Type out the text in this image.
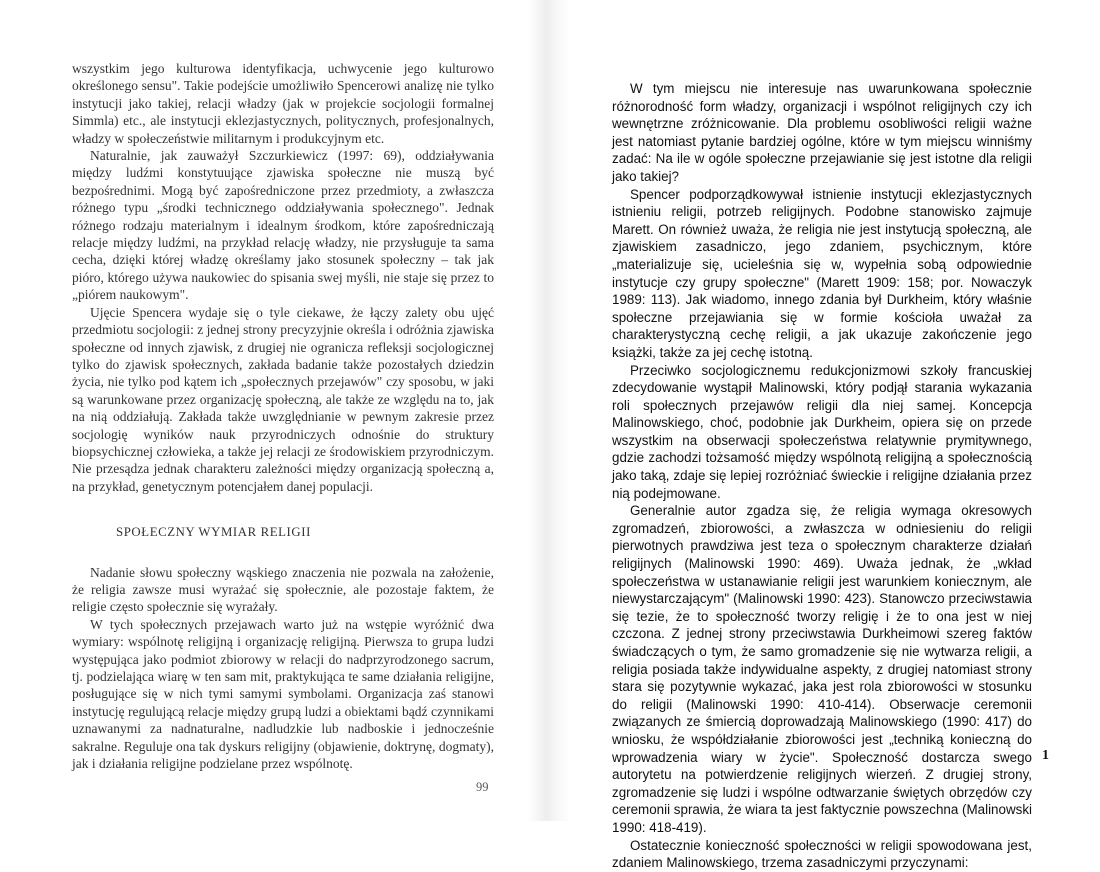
wszystkim jego kulturowa identyfikacja, uchwycenie jego kulturowo określonego sensu". Takie podejście umożliwiło Spencerowi analizę nie tylko instytucji jako takiej, relacji władzy (jak w projekcie socjologii formalnej Simmla) etc., ale instytucji eklezjastycznych, politycznych, profesjonalnych, władzy w społeczeństwie militarnym i produkcyjnym etc.

Naturalnie, jak zauważył Szczurkiewicz (1997: 69), oddziaływania między ludźmi konstytuujące zjawiska społeczne nie muszą być bezpośrednimi. Mogą być zapośredniczone przez przedmioty, a zwłaszcza różnego typu „środki technicznego oddziaływania społecznego". Jednak różnego rodzaju materialnym i idealnym środkom, które zapośredniczają relacje między ludźmi, na przykład relację władzy, nie przysługuje ta sama cecha, dzięki której władzę określamy jako stosunek społeczny – tak jak pióro, którego używa naukowiec do spisania swej myśli, nie staje się przez to „piórem naukowym".

Ujęcie Spencera wydaje się o tyle ciekawe, że łączy zalety obu ujęć przedmiotu socjologii: z jednej strony precyzyjnie określa i odróżnia zjawiska społeczne od innych zjawisk, z drugiej nie ogranicza refleksji socjologicznej tylko do zjawisk społecznych, zakłada badanie także pozostałych dziedzin życia, nie tylko pod kątem ich „społecznych przejawów" czy sposobu, w jaki są warunkowane przez organizację społeczną, ale także ze względu na to, jak na nią oddziałują. Zakłada także uwzględnianie w pewnym zakresie przez socjologię wyników nauk przyrodniczych odnośnie do struktury biopsychicznej człowieka, a także jej relacji ze środowiskiem przyrodniczym. Nie przesądza jednak charakteru zależności między organizacją społeczną a, na przykład, genetycznym potencjałem danej populacji.

SPOŁECZNY WYMIAR RELIGII

Nadanie słowu społeczny wąskiego znaczenia nie pozwala na założenie, że religia zawsze musi wyrażać się społecznie, ale pozostaje faktem, że religie często społecznie się wyrażały.

W tych społecznych przejawach warto już na wstępie wyróżnić dwa wymiary: wspólnotę religijną i organizację religijną. Pierwsza to grupa ludzi występująca jako podmiot zbiorowy w relacji do nadprzyrodzonego sacrum, tj. podzielająca wiarę w ten sam mit, praktykująca te same działania religijne, posługujące się w nich tymi samymi symbolami. Organizacja zaś stanowi instytucję regulującą relacje między grupą ludzi a obiektami bądź czynnikami uznawanymi za nadnaturalne, nadludzkie lub nadboskie i jednocześnie sakralne. Reguluje ona tak dyskurs religijny (objawienie, doktrynę, dogmaty), jak i działania religijne podzielane przez wspólnotę.

99

W tym miejscu nie interesuje nas uwarunkowana społecznie różnorodność form władzy, organizacji i wspólnot religijnych czy ich wewnętrzne zróżnicowanie. Dla problemu osobliwości religii ważne jest natomiast pytanie bardziej ogólne, które w tym miejscu winniśmy zadać: Na ile w ogóle społeczne przejawianie się jest istotne dla religii jako takiej?

Spencer podporządkowywał istnienie instytucji eklezjastycznych istnieniu religii, potrzeb religijnych. Podobne stanowisko zajmuje Marett. On również uważa, że religia nie jest instytucją społeczną, ale zjawiskiem zasadniczo, jego zdaniem, psychicznym, które „materializuje się, ucieleśnia się w, wypełnia sobą odpowiednie instytucje czy grupy społeczne" (Marett 1909: 158; por. Nowaczyk 1989: 113). Jak wiadomo, innego zdania był Durkheim, który właśnie społeczne przejawiania się w formie kościoła uważał za charakterystyczną cechę religii, a jak ukazuje zakończenie jego książki, także za jej cechę istotną.

Przeciwko socjologicznemu redukcjonizmowi szkoły francuskiej zdecydowanie wystąpił Malinowski, który podjął starania wykazania roli społecznych przejawów religii dla niej samej. Koncepcja Malinowskiego, choć, podobnie jak Durkheim, opiera się on przede wszystkim na obserwacji społeczeństwa relatywnie prymitywnego, gdzie zachodzi tożsamość między wspólnotą religijną a społecznością jako taką, zdaje się lepiej rozróżniać świeckie i religijne działania przez nią podejmowane.

Generalnie autor zgadza się, że religia wymaga okresowych zgromadzeń, zbiorowości, a zwłaszcza w odniesieniu do religii pierwotnych prawdziwa jest teza o społecznym charakterze działań religijnych (Malinowski 1990: 469). Uważa jednak, że „wkład społeczeństwa w ustanawianie religii jest warunkiem koniecznym, ale niewystarczającym" (Malinowski 1990: 423). Stanowczo przeciwstawia się tezie, że to społeczność tworzy religię i że to ona jest w niej czczona. Z jednej strony przeciwstawia Durkheimowi szereg faktów świadczących o tym, że samo gromadzenie się nie wytwarza religii, a religia posiada także indywidualne aspekty, z drugiej natomiast strony stara się pozytywnie wykazać, jaka jest rola zbiorowości w stosunku do religii (Malinowski 1990: 410-414). Obserwacje ceremonii związanych ze śmiercią doprowadzają Malinowskiego (1990: 417) do wniosku, że współdziałanie zbiorowości jest „techniką konieczną do wprowadzenia wiary w życie". Społeczność dostarcza swego autorytetu na potwierdzenie religijnych wierzeń. Z drugiej strony, zgromadzenie się ludzi i wspólne odtwarzanie świętych obrzędów czy ceremonii sprawia, że wiara ta jest faktycznie powszechna (Malinowski 1990: 418-419).

Ostatecznie konieczność społeczności w religii spowodowana jest, zdaniem Malinowskiego, trzema zasadniczymi przyczynami:

1
